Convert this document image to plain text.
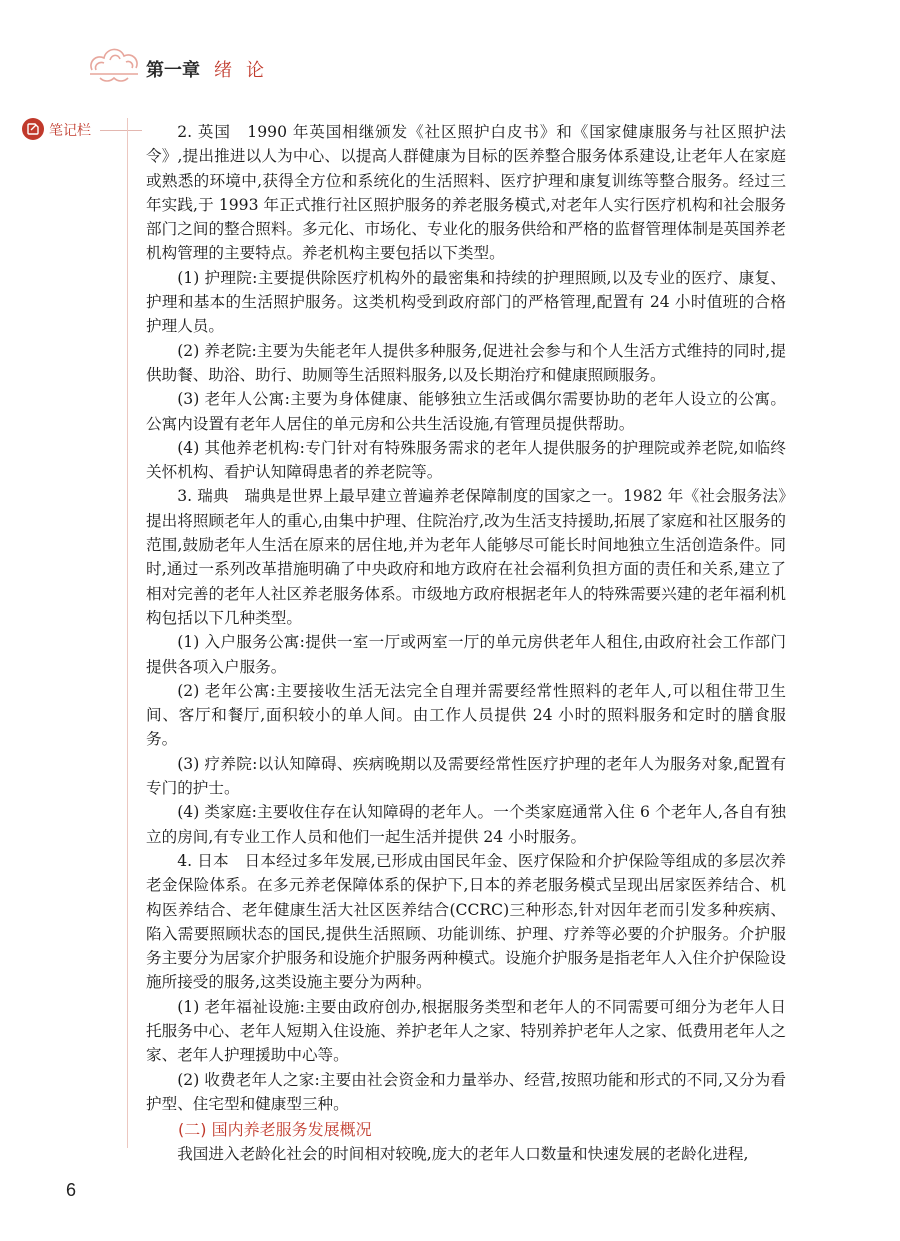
第一章 绪论
笔记栏	2. 英国　1990 年英国相继颁发《社区照护白皮书》和《国家健康服务与社区照护法令》,提出推进以人为中心、以提高人群健康为目标的医养整合服务体系建设,让老年人在家庭或熟悉的环境中,获得全方位和系统化的生活照料、医疗护理和康复训练等整合服务。经过三年实践,于 1993 年正式推行社区照护服务的养老服务模式,对老年人实行医疗机构和社会服务部门之间的整合照料。多元化、市场化、专业化的服务供给和严格的监督管理体制是英国养老机构管理的主要特点。养老机构主要包括以下类型。

(1) 护理院:主要提供除医疗机构外的最密集和持续的护理照顾,以及专业的医疗、康复、护理和基本的生活照护服务。这类机构受到政府部门的严格管理,配置有 24 小时值班的合格护理人员。

(2) 养老院:主要为失能老年人提供多种服务,促进社会参与和个人生活方式维持的同时,提供助餐、助浴、助行、助厕等生活照料服务,以及长期治疗和健康照顾服务。

(3) 老年人公寓:主要为身体健康、能够独立生活或偶尔需要协助的老年人设立的公寓。公寓内设置有老年人居住的单元房和公共生活设施,有管理员提供帮助。

(4) 其他养老机构:专门针对有特殊服务需求的老年人提供服务的护理院或养老院,如临终关怀机构、看护认知障碍患者的养老院等。

3. 瑞典　瑞典是世界上最早建立普遍养老保障制度的国家之一。1982 年《社会服务法》提出将照顾老年人的重心,由集中护理、住院治疗,改为生活支持援助,拓展了家庭和社区服务的范围,鼓励老年人生活在原来的居住地,并为老年人能够尽可能长时间地独立生活创造条件。同时,通过一系列改革措施明确了中央政府和地方政府在社会福利负担方面的责任和关系,建立了相对完善的老年人社区养老服务体系。市级地方政府根据老年人的特殊需要兴建的老年福利机构包括以下几种类型。

(1) 入户服务公寓:提供一室一厅或两室一厅的单元房供老年人租住,由政府社会工作部门提供各项入户服务。

(2) 老年公寓:主要接收生活无法完全自理并需要经常性照料的老年人,可以租住带卫生间、客厅和餐厅,面积较小的单人间。由工作人员提供 24 小时的照料服务和定时的膳食服务。

(3) 疗养院:以认知障碍、疾病晚期以及需要经常性医疗护理的老年人为服务对象,配置有专门的护士。

(4) 类家庭:主要收住存在认知障碍的老年人。一个类家庭通常入住 6 个老年人,各自有独立的房间,有专业工作人员和他们一起生活并提供 24 小时服务。

4. 日本　日本经过多年发展,已形成由国民年金、医疗保险和介护保险等组成的多层次养老金保险体系。在多元养老保障体系的保护下,日本的养老服务模式呈现出居家医养结合、机构医养结合、老年健康生活大社区医养结合(CCRC)三种形态,针对因年老而引发多种疾病、陷入需要照顾状态的国民,提供生活照顾、功能训练、护理、疗养等必要的介护服务。介护服务主要分为居家介护服务和设施介护服务两种模式。设施介护服务是指老年人入住介护保险设施所接受的服务,这类设施主要分为两种。

(1) 老年福祉设施:主要由政府创办,根据服务类型和老年人的不同需要可细分为老年人日托服务中心、老年人短期入住设施、养护老年人之家、特别养护老年人之家、低费用老年人之家、老年人护理援助中心等。

(2) 收费老年人之家:主要由社会资金和力量举办、经营,按照功能和形式的不同,又分为看护型、住宅型和健康型三种。

(二) 国内养老服务发展概况

我国进入老龄化社会的时间相对较晚,庞大的老年人口数量和快速发展的老龄化进程,

6
